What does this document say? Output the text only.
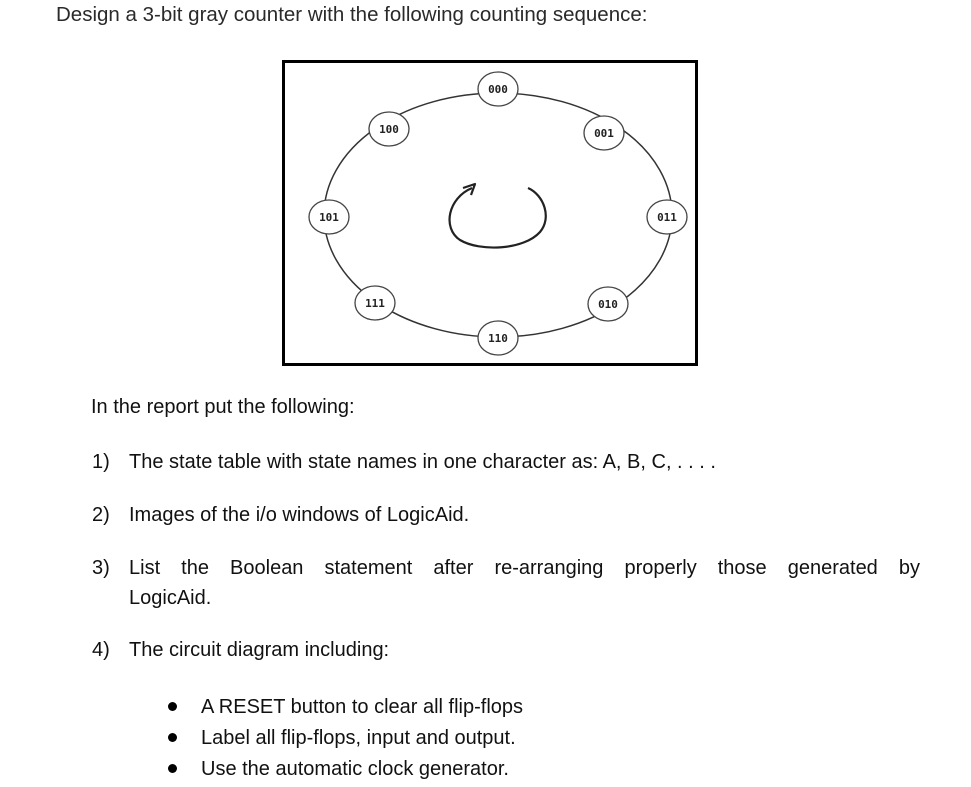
Design a 3-bit gray counter with the following counting sequence:
000
001
011
010
110
111
101
100
In the report put the following:
1) The state table with state names in one character as: A, B, C, . . . .
2) Images of the i/o windows of LogicAid.
3) List the Boolean statement after re-arranging properly those generated by
LogicAid.
4) The circuit diagram including:
A RESET button to clear all flip-flops
Label all flip-flops, input and output.
Use the automatic clock generator.
